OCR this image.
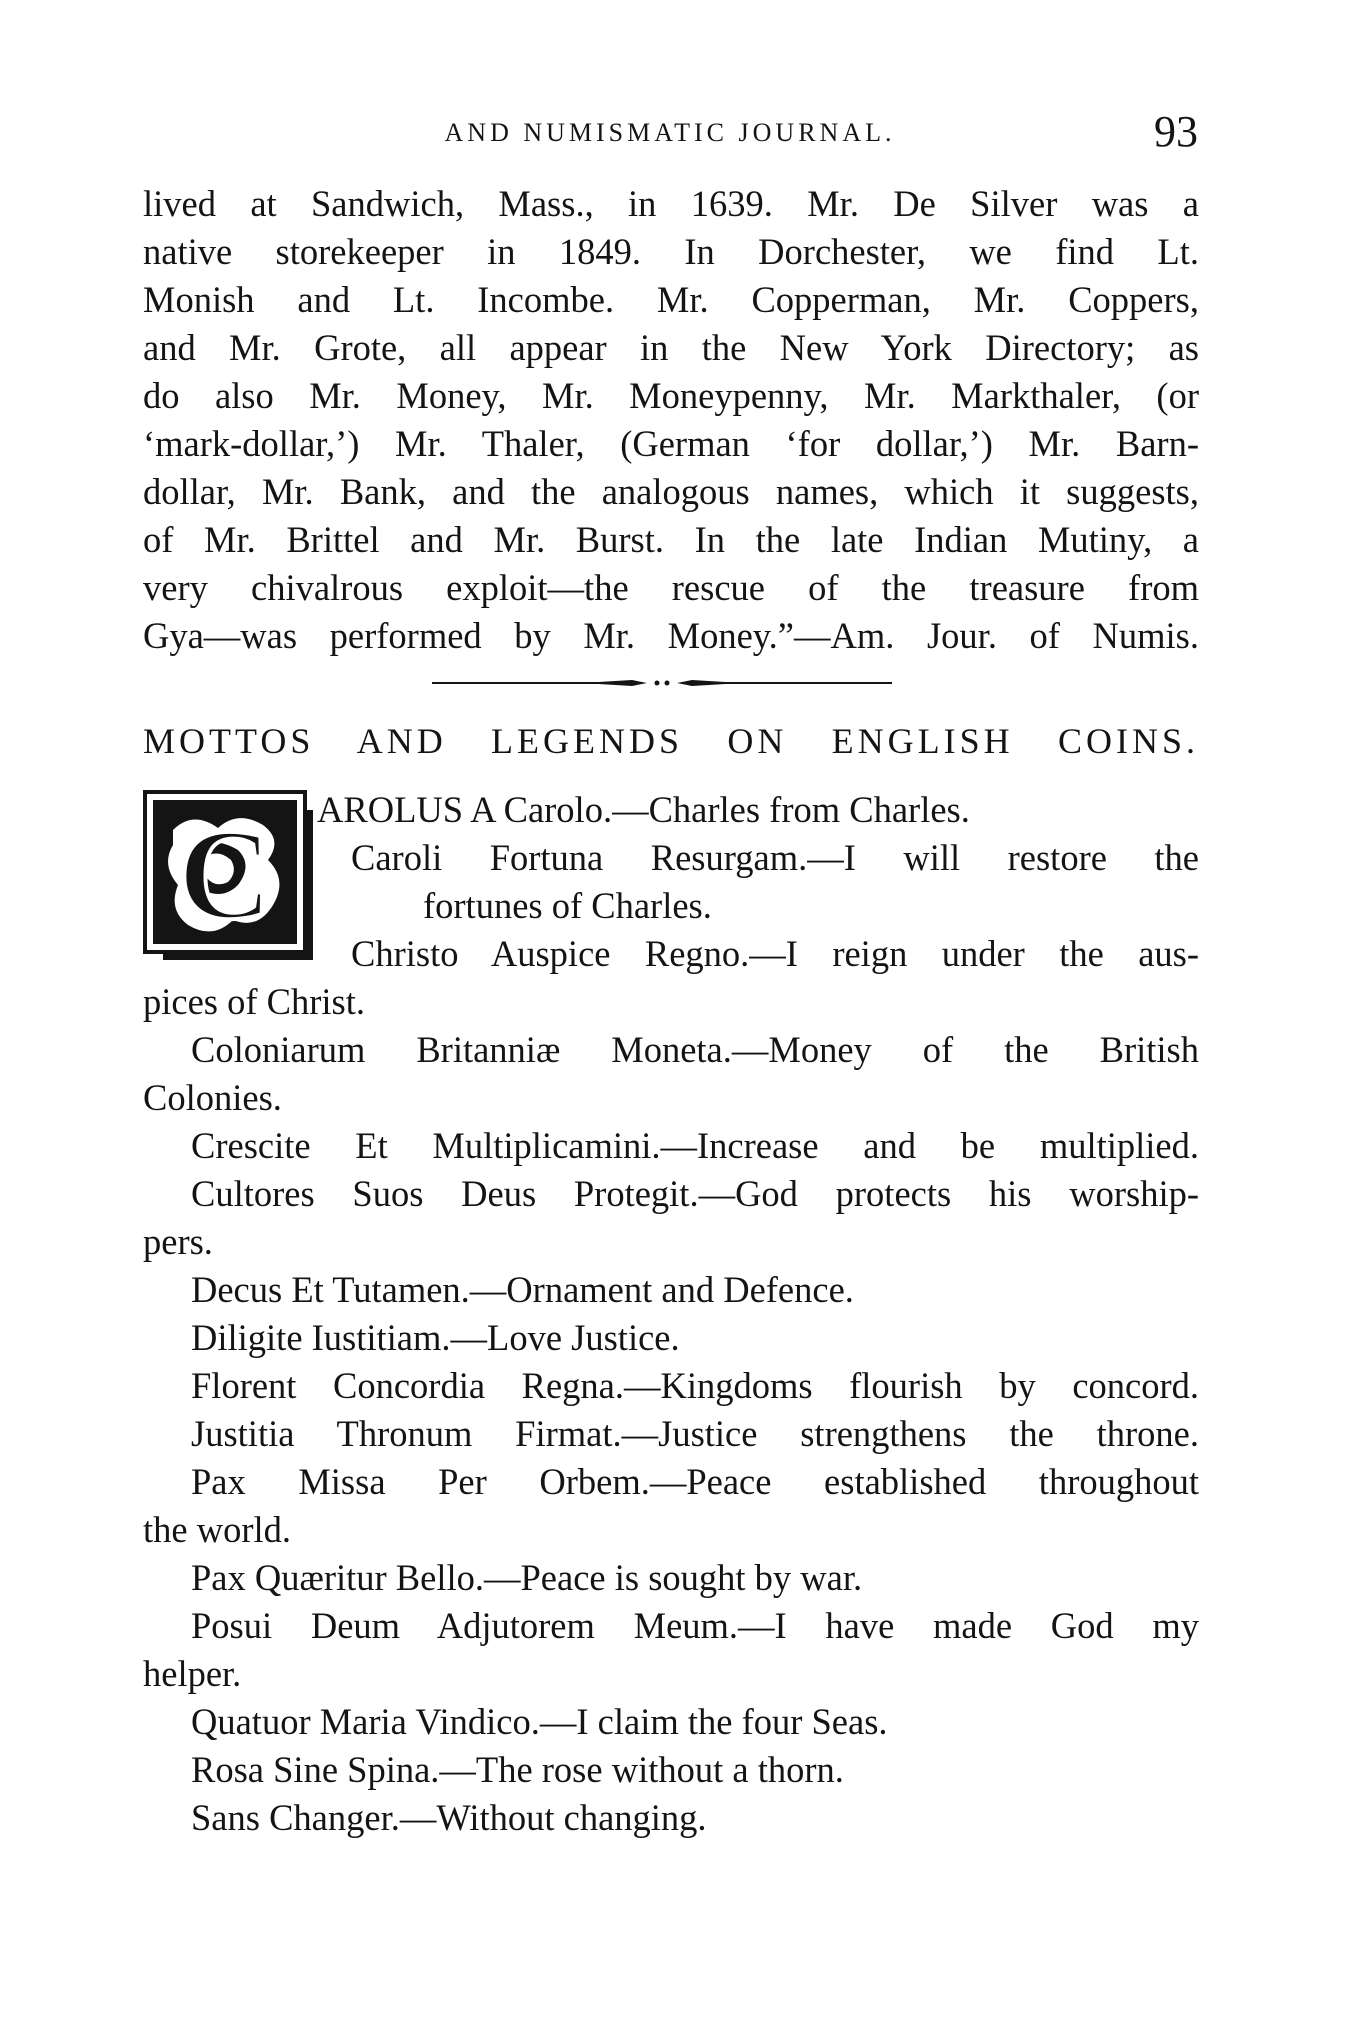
AND NUMISMATIC JOURNAL.	93

lived at Sandwich, Mass., in 1639. Mr. De Silver was a

native storekeeper in 1849. In Dorchester, we find Lt.

Monish and Lt. Incombe. Mr. Copperman, Mr. Coppers,

and Mr. Grote, all appear in the New York Directory; as

do also Mr. Money, Mr. Moneypenny, Mr. Markthaler, (or

‘mark-dollar,’) Mr. Thaler, (German ‘for dollar,’) Mr. Barn-

dollar, Mr. Bank, and the analogous names, which it suggests,

of Mr. Brittel and Mr. Burst. In the late Indian Mutiny, a

very chivalrous exploit—the rescue of the treasure from

Gya—was performed by Mr. Money.”—Am. Jour. of Numis.

MOTTOS AND LEGENDS ON ENGLISH COINS.

C	AROLUS A Carolo.—Charles from Charles.
Caroli Fortuna Resurgam.—I will restore the
fortunes of Charles.
Christo Auspice Regno.—I reign under the aus-
pices of Christ.
Coloniarum Britanniæ Moneta.—Money of the British
Colonies.
Crescite Et Multiplicamini.—Increase and be multiplied.
Cultores Suos Deus Protegit.—God protects his worship-
pers.
Decus Et Tutamen.—Ornament and Defence.
Diligite Iustitiam.—Love Justice.
Florent Concordia Regna.—Kingdoms flourish by concord.
Justitia Thronum Firmat.—Justice strengthens the throne.
Pax Missa Per Orbem.—Peace established throughout
the world.
Pax Quæritur Bello.—Peace is sought by war.
Posui Deum Adjutorem Meum.—I have made God my
helper.
Quatuor Maria Vindico.—I claim the four Seas.
Rosa Sine Spina.—The rose without a thorn.
Sans Changer.—Without changing.
